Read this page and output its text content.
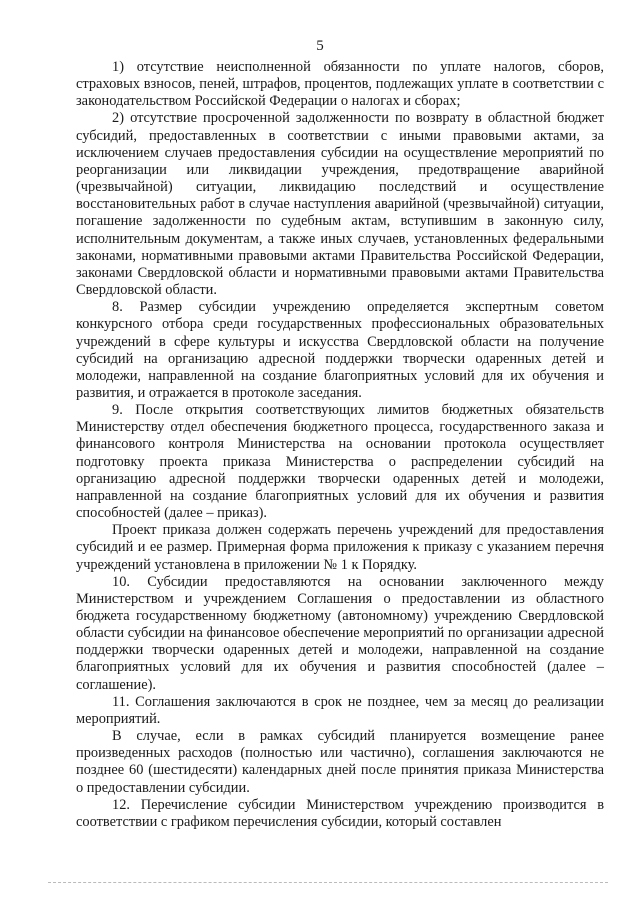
5

1) отсутствие неисполненной обязанности по уплате налогов, сборов, страховых взносов, пеней, штрафов, процентов, подлежащих уплате в соответствии с законодательством Российской Федерации о налогах и сборах;

2) отсутствие просроченной задолженности по возврату в областной бюджет субсидий, предоставленных в соответствии с иными правовыми актами, за исключением случаев предоставления субсидии на осуществление мероприятий по реорганизации или ликвидации учреждения, предотвращение аварийной (чрезвычайной) ситуации, ликвидацию последствий и осуществление восстановительных работ в случае наступления аварийной (чрезвычайной) ситуации, погашение задолженности по судебным актам, вступившим в законную силу, исполнительным документам, а также иных случаев, установленных федеральными законами, нормативными правовыми актами Правительства Российской Федерации, законами Свердловской области и нормативными правовыми актами Правительства Свердловской области.

8. Размер субсидии учреждению определяется экспертным советом конкурсного отбора среди государственных профессиональных образовательных учреждений в сфере культуры и искусства Свердловской области на получение субсидий на организацию адресной поддержки творчески одаренных детей и молодежи, направленной на создание благоприятных условий для их обучения и развития, и отражается в протоколе заседания.

9. После открытия соответствующих лимитов бюджетных обязательств Министерству отдел обеспечения бюджетного процесса, государственного заказа и финансового контроля Министерства на основании протокола осуществляет подготовку проекта приказа Министерства о распределении субсидий на организацию адресной поддержки творчески одаренных детей и молодежи, направленной на создание благоприятных условий для их обучения и развития способностей (далее – приказ).

Проект приказа должен содержать перечень учреждений для предоставления субсидий и ее размер. Примерная форма приложения к приказу с указанием перечня учреждений установлена в приложении № 1 к Порядку.

10. Субсидии предоставляются на основании заключенного между Министерством и учреждением Соглашения о предоставлении из областного бюджета государственному бюджетному (автономному) учреждению Свердловской области субсидии на финансовое обеспечение мероприятий по организации адресной поддержки творчески одаренных детей и молодежи, направленной на создание благоприятных условий для их обучения и развития способностей (далее – соглашение).

11. Соглашения заключаются в срок не позднее, чем за месяц до реализации мероприятий.

В случае, если в рамках субсидий планируется возмещение ранее произведенных расходов (полностью или частично), соглашения заключаются не позднее 60 (шестидесяти) календарных дней после принятия приказа Министерства о предоставлении субсидии.

12. Перечисление субсидии Министерством учреждению производится в соответствии с графиком перечисления субсидии, который составлен
